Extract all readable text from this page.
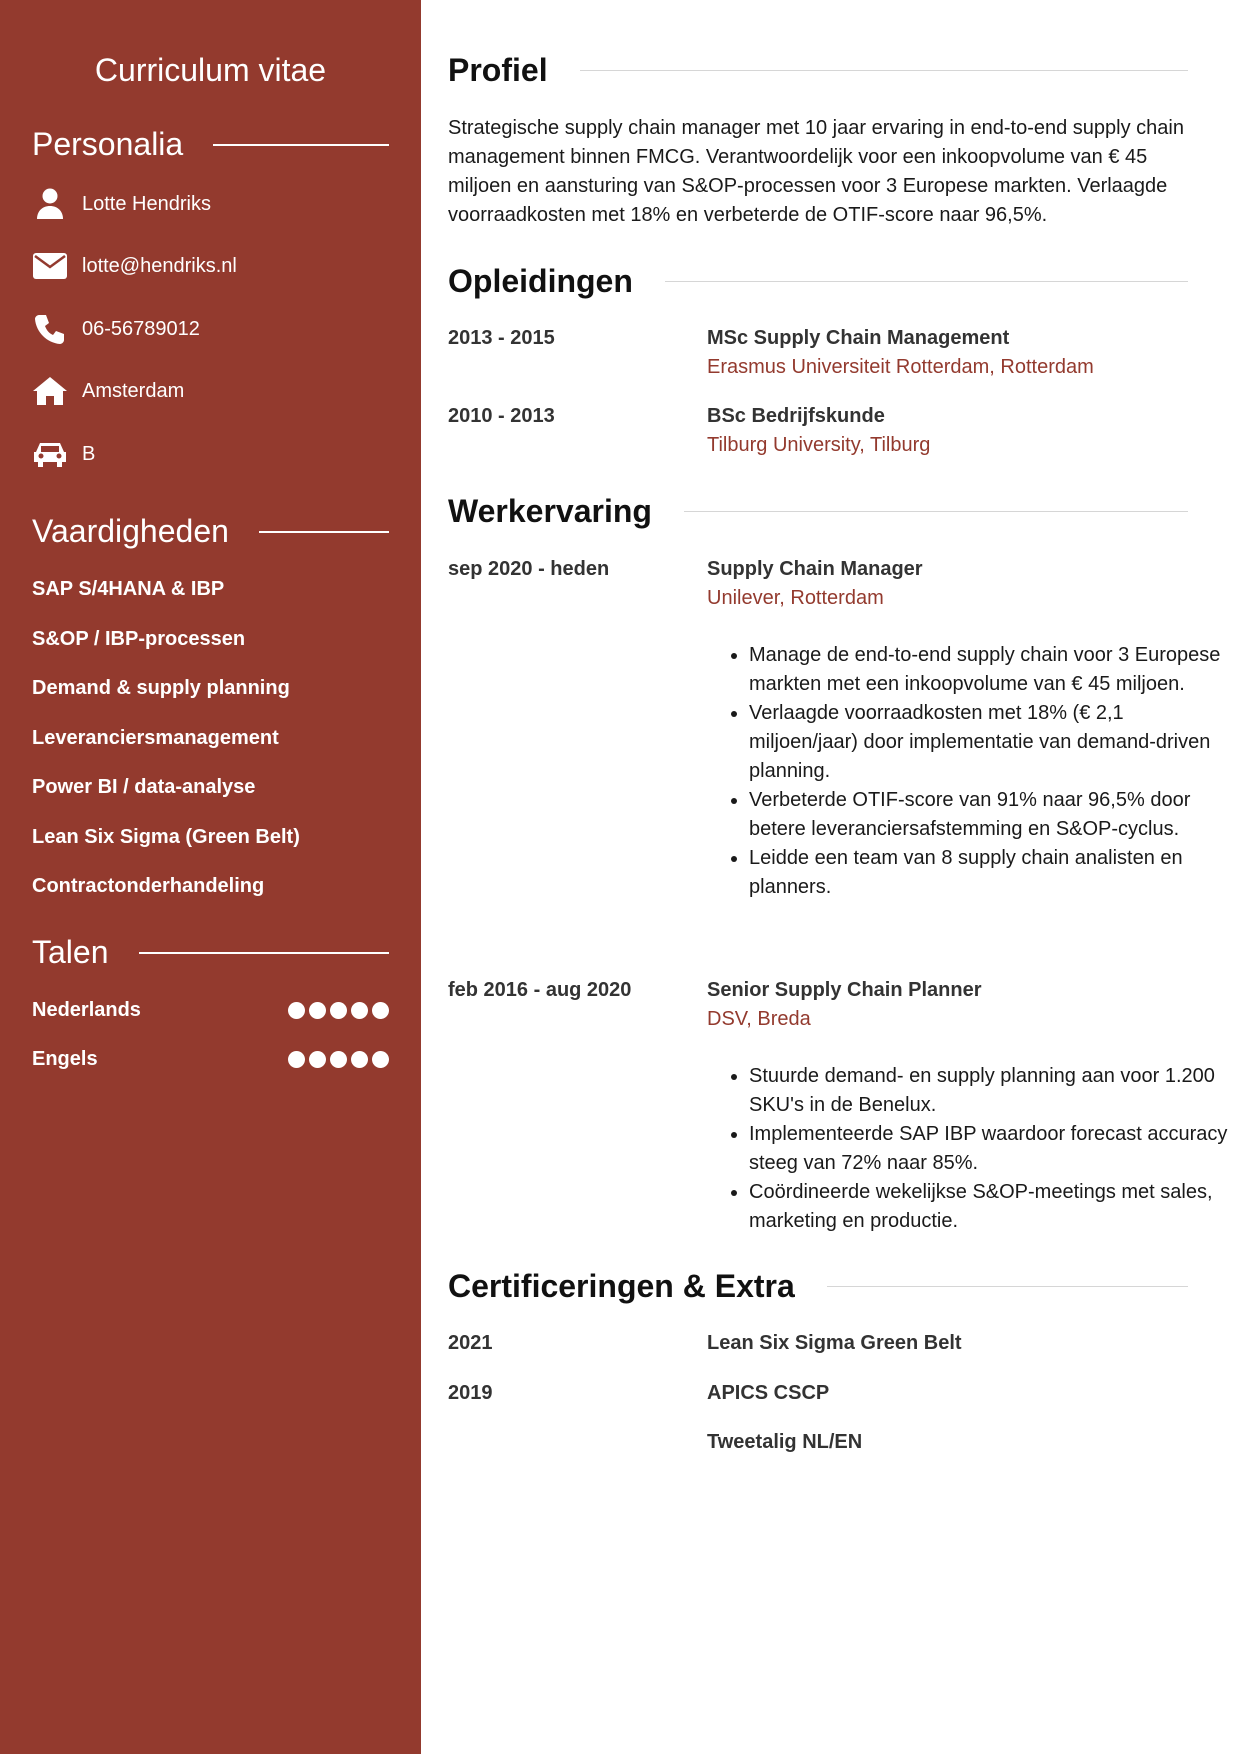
Curriculum vitae
Personalia
Lotte Hendriks
lotte@hendriks.nl
06-56789012
Amsterdam
B
Vaardigheden
SAP S/4HANA & IBP
S&OP / IBP-processen
Demand & supply planning
Leveranciersmanagement
Power BI / data-analyse
Lean Six Sigma (Green Belt)
Contractonderhandeling
Talen
Nederlands
Engels
Profiel
Strategische supply chain manager met 10 jaar ervaring in end-to-end supply chain management binnen FMCG. Verantwoordelijk voor een inkoopvolume van € 45 miljoen en aansturing van S&OP-processen voor 3 Europese markten. Verlaagde voorraadkosten met 18% en verbeterde de OTIF-score naar 96,5%.
Opleidingen
2013 - 2015	MSc Supply Chain Management
Erasmus Universiteit Rotterdam, Rotterdam
2010 - 2013	BSc Bedrijfskunde
Tilburg University, Tilburg
Werkervaring
sep 2020 - heden	Supply Chain Manager
Unilever, Rotterdam
• Manage de end-to-end supply chain voor 3 Europese markten met een inkoopvolume van € 45 miljoen.
• Verlaagde voorraadkosten met 18% (€ 2,1 miljoen/jaar) door implementatie van demand-driven planning.
• Verbeterde OTIF-score van 91% naar 96,5% door betere leveranciersafstemming en S&OP-cyclus.
• Leidde een team van 8 supply chain analisten en planners.
feb 2016 - aug 2020	Senior Supply Chain Planner
DSV, Breda
• Stuurde demand- en supply planning aan voor 1.200 SKU's in de Benelux.
• Implementeerde SAP IBP waardoor forecast accuracy steeg van 72% naar 85%.
• Coördineerde wekelijkse S&OP-meetings met sales, marketing en productie.
Certificeringen & Extra
2021	Lean Six Sigma Green Belt
2019	APICS CSCP
Tweetalig NL/EN
